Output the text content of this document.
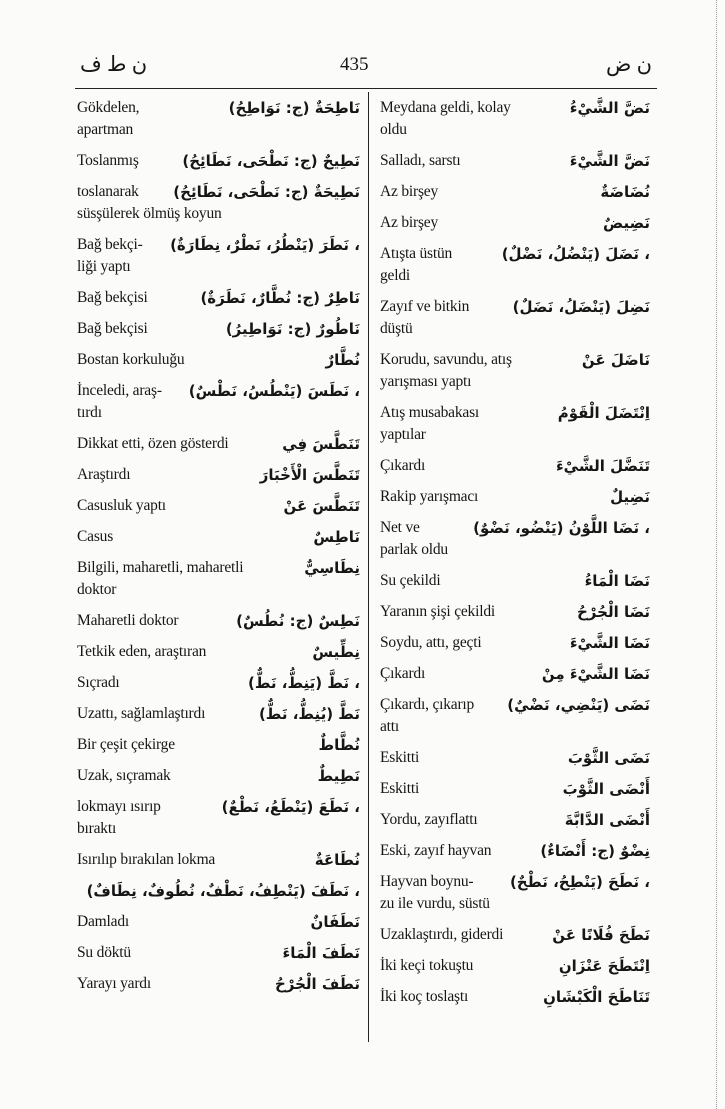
ن ط ف	435	ن ض
Gökdelen,	نَاطِحَةٌ (ج: نَوَاطِحُ)
apartman
Toslanmış	نَطِيحٌ (ج: نَطْحَى، نَطَائِحُ)
toslanarak نَطِيحَةٌ (ج: نَطْحَى، نَطَائِحُ)
süsşülerek ölmüş koyun
Bağ bekçi- ، نَطَرَ (يَنْطُرُ، نَطْرٌ، نِطَارَةٌ)
liği yaptı
Bağ bekçisi	نَاطِرٌ (ج: نُطَّارٌ، نَطَرَةٌ)
Bağ bekçisi	نَاطُورٌ (ج: نَوَاطِيرُ)
Bostan korkuluğu	نُطَّارٌ
İnceledi, araş- ، نَطَسَ (يَنْطُسُ، نَطْسٌ)
tırdı
Dikkat etti, özen gösterdi	تَنَطَّسَ فِي
Araştırdı	تَنَطَّسَ الْأَخْبَارَ
Casusluk yaptı	تَنَطَّسَ عَنْ
Casus	نَاطِسٌ
Bilgili, maharetli, maharetli	نِطَاسِيٌّ
doktor
Maharetli doktor	نَطِسٌ (ج: نُطُسٌ)
Tetkik eden, araştıran	نِطِّيسٌ
Sıçradı	، نَطَّ (يَنِطُّ، نَطٌّ)
Uzattı, sağlamlaştırdı	نَطَّ (يُنِطُّ، نَطٌّ)
Bir çeşit çekirge	نُطَّاطٌ
Uzak, sıçramak	نَطِيطٌ
lokmayı ısırıp	، نَطَعَ (يَنْطَعُ، نَطْعٌ)
bıraktı
Isırılıp bırakılan lokma	نُطَاعَةٌ
، نَطَفَ (يَنْطِفُ، نَطْفٌ، نُطُوفٌ، نِطَافٌ)
Damladı	نَطَفَانٌ
Su döktü	نَطَفَ الْمَاءَ
Yarayı yardı	نَطَفَ الْجُرْحُ
Meydana geldi, kolay	نَضَّ الشَّيْءُ
oldu
Salladı, sarstı	نَضَّ الشَّيْءَ
Az birşey	نُضَاضَةٌ
Az birşey	نَضِيضٌ
Atışta üstün	، نَضَلَ (يَنْضُلُ، نَضْلٌ)
geldi
Zayıf ve bitkin	نَضِلَ (يَنْضَلُ، نَضَلٌ)
düştü
Korudu, savundu, atış	نَاضَلَ عَنْ
yarışması yaptı
Atış musabakası	اِنْتَضَلَ الْقَوْمُ
yaptılar
Çıkardı	تَنَضَّلَ الشَّيْءَ
Rakip yarışmacı	نَضِيلٌ
Net ve	، نَضَا اللَّوْنُ (يَنْضُو، نَضْوٌ)
parlak oldu
Su çekildi	نَضَا الْمَاءُ
Yaranın şişi çekildi	نَضَا الْجُرْحُ
Soydu, attı, geçti	نَضَا الشَّيْءَ
Çıkardı	نَضَا الشَّيْءَ مِنْ
Çıkardı, çıkarıp نَضَى (يَنْضِي، نَضْيٌ)
attı
Eskitti	نَضَى الثَّوْبَ
Eskitti	أَنْضَى الثَّوْبَ
Yordu, zayıflattı	أَنْضَى الدَّابَّةَ
Eski, zayıf hayvan	نِضْوٌ (ج: أَنْضَاءٌ)
Hayvan boynu- ، نَطَحَ (يَنْطِحُ، نَطْحٌ)
zu ile vurdu, süstü
Uzaklaştırdı, giderdi	نَطَحَ فُلَانًا عَنْ
İki keçi tokuştu	اِنْتَطَحَ عَنْزَانِ
İki koç toslaştı	تَنَاطَحَ الْكَبْشَانِ
